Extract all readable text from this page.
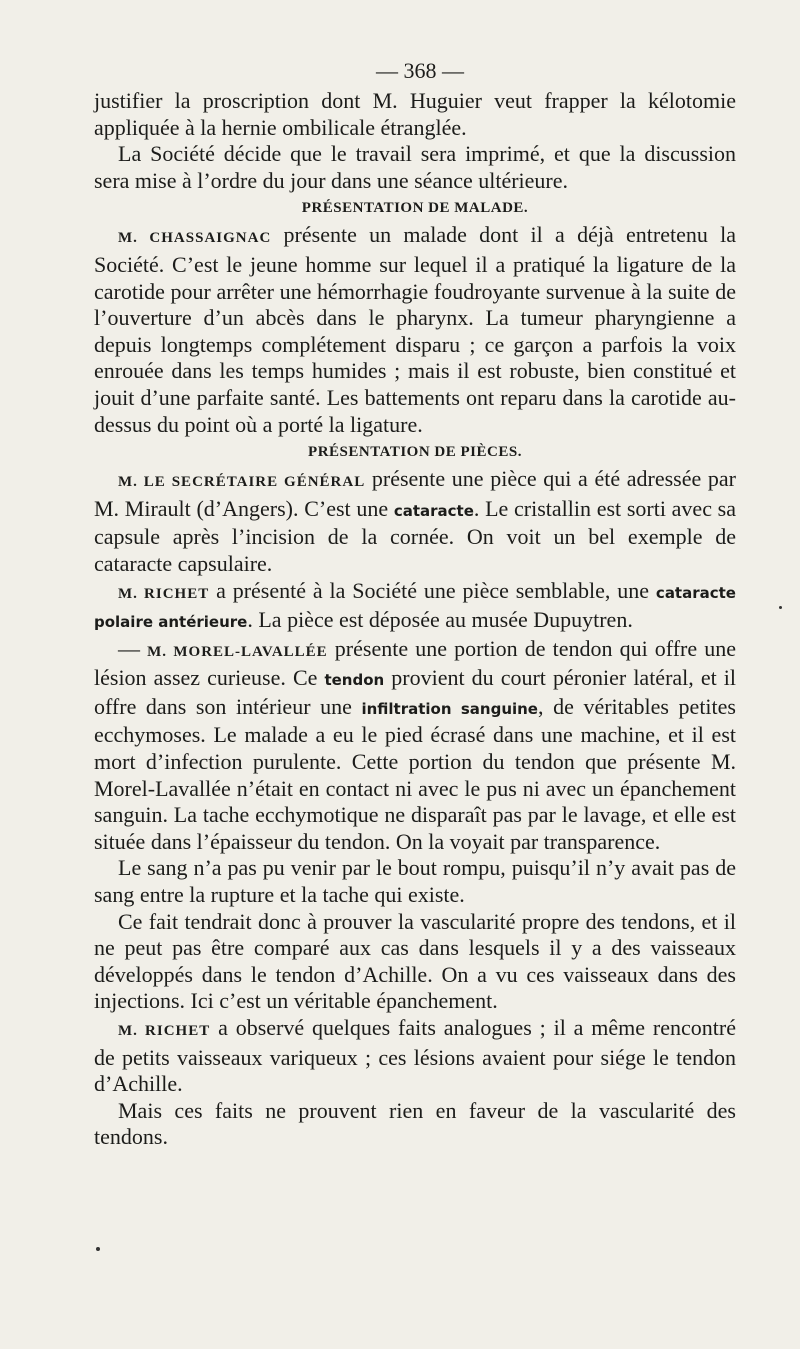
— 368 —

justifier la proscription dont M. Huguier veut frapper la kélotomie appliquée à la hernie ombilicale étranglée.

La Société décide que le travail sera imprimé, et que la discussion sera mise à l’ordre du jour dans une séance ultérieure.

PRÉSENTATION DE MALADE.

M. CHASSAIGNAC présente un malade dont il a déjà entretenu la Société. C’est le jeune homme sur lequel il a pratiqué la ligature de la carotide pour arrêter une hémorrhagie foudroyante survenue à la suite de l’ouverture d’un abcès dans le pharynx. La tumeur pharyngienne a depuis longtemps complétement disparu ; ce garçon a parfois la voix enrouée dans les temps humides ; mais il est robuste, bien constitué et jouit d’une parfaite santé. Les battements ont reparu dans la carotide au-dessus du point où a porté la ligature.

PRÉSENTATION DE PIÈCES.

M. LE SECRÉTAIRE GÉNÉRAL présente une pièce qui a été adressée par M. Mirault (d’Angers). C’est une cataracte. Le cristallin est sorti avec sa capsule après l’incision de la cornée. On voit un bel exemple de cataracte capsulaire.

M. RICHET a présenté à la Société une pièce semblable, une cataracte polaire antérieure. La pièce est déposée au musée Dupuytren.

— M. MOREL-LAVALLÉE présente une portion de tendon qui offre une lésion assez curieuse. Ce tendon provient du court péronier latéral, et il offre dans son intérieur une infiltration sanguine, de véritables petites ecchymoses. Le malade a eu le pied écrasé dans une machine, et il est mort d’infection purulente. Cette portion du tendon que présente M. Morel-Lavallée n’était en contact ni avec le pus ni avec un épanchement sanguin. La tache ecchymotique ne disparaît pas par le lavage, et elle est située dans l’épaisseur du tendon. On la voyait par transparence.

Le sang n’a pas pu venir par le bout rompu, puisqu’il n’y avait pas de sang entre la rupture et la tache qui existe.

Ce fait tendrait donc à prouver la vascularité propre des tendons, et il ne peut pas être comparé aux cas dans lesquels il y a des vaisseaux développés dans le tendon d’Achille. On a vu ces vaisseaux dans des injections. Ici c’est un véritable épanchement.

M. RICHET a observé quelques faits analogues ; il a même rencontré de petits vaisseaux variqueux ; ces lésions avaient pour siége le tendon d’Achille.

Mais ces faits ne prouvent rien en faveur de la vascularité des tendons.
